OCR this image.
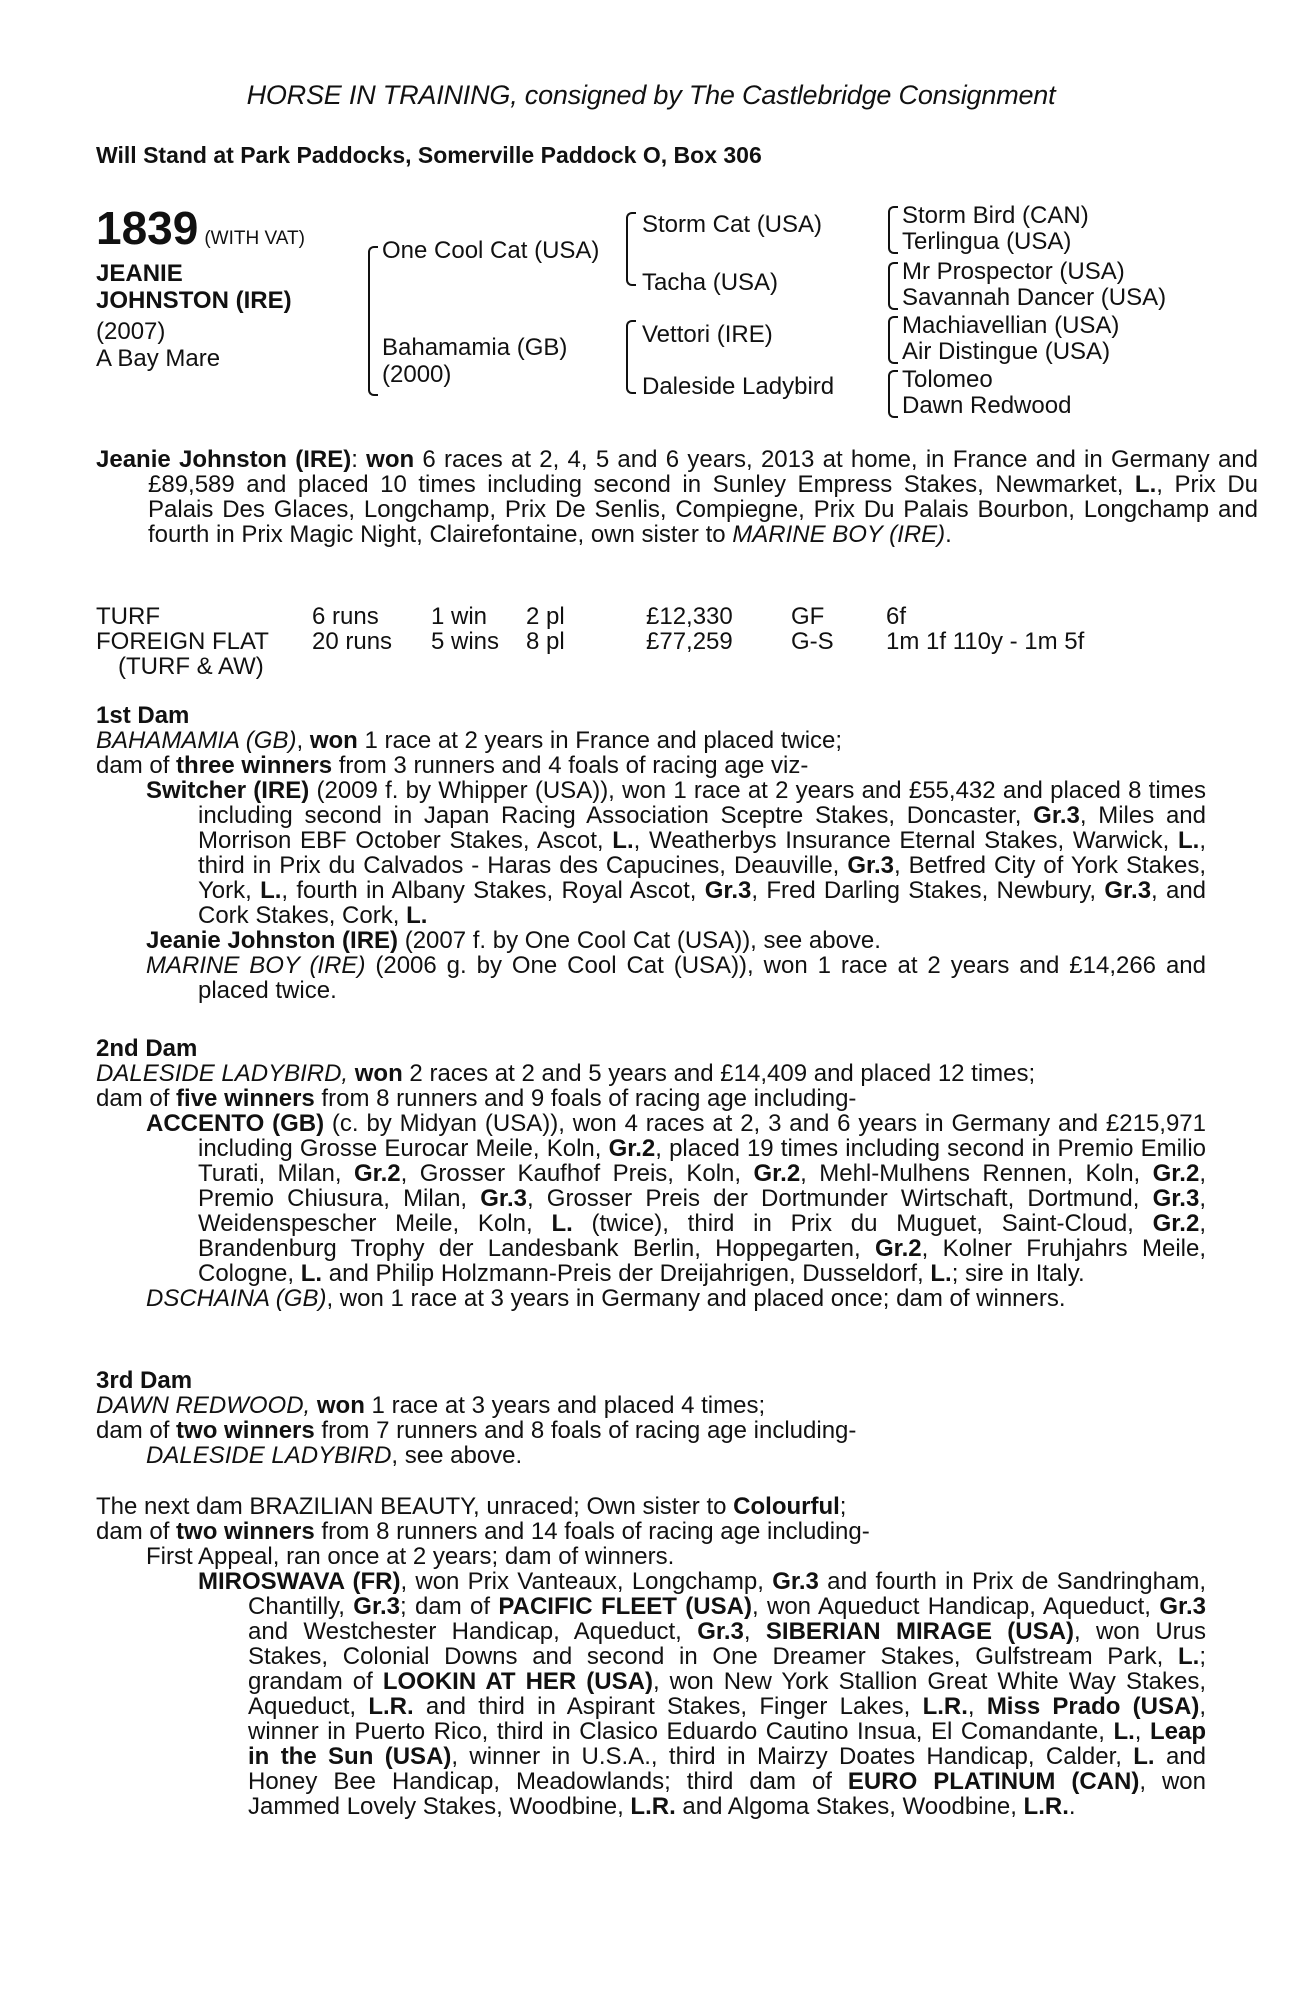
HORSE IN TRAINING, consigned by The Castlebridge Consignment
Will Stand at Park Paddocks, Somerville Paddock O, Box 306
1839 (WITH VAT)
JEANIE
JOHNSTON (IRE)
(2007)
A Bay Mare
One Cool Cat (USA)
Bahamamia (GB)
(2000)
Storm Cat (USA)
Tacha (USA)
Vettori (IRE)
Daleside Ladybird
Storm Bird (CAN)
Terlingua (USA)
Mr Prospector (USA)
Savannah Dancer (USA)
Machiavellian (USA)
Air Distingue (USA)
Tolomeo
Dawn Redwood
Jeanie Johnston (IRE): won 6 races at 2, 4, 5 and 6 years, 2013 at home, in France and in Germany and £89,589 and placed 10 times including second in Sunley Empress Stakes, Newmarket, L., Prix Du Palais Des Glaces, Longchamp, Prix De Senlis, Compiegne, Prix Du Palais Bourbon, Longchamp and fourth in Prix Magic Night, Clairefontaine, own sister to MARINE BOY (IRE).
TURF	6 runs	1 win	2 pl	£12,330	GF	6f
FOREIGN FLAT	20 runs	5 wins	8 pl	£77,259	G-S	1m 1f 110y - 1m 5f
(TURF & AW)						
1st Dam
BAHAMAMIA (GB), won 1 race at 2 years in France and placed twice;
dam of three winners from 3 runners and 4 foals of racing age viz-
Switcher (IRE) (2009 f. by Whipper (USA)), won 1 race at 2 years and £55,432 and placed 8 times including second in Japan Racing Association Sceptre Stakes, Doncaster, Gr.3, Miles and Morrison EBF October Stakes, Ascot, L., Weatherbys Insurance Eternal Stakes, Warwick, L., third in Prix du Calvados - Haras des Capucines, Deauville, Gr.3, Betfred City of York Stakes, York, L., fourth in Albany Stakes, Royal Ascot, Gr.3, Fred Darling Stakes, Newbury, Gr.3, and Cork Stakes, Cork, L.
Jeanie Johnston (IRE) (2007 f. by One Cool Cat (USA)), see above.
MARINE BOY (IRE) (2006 g. by One Cool Cat (USA)), won 1 race at 2 years and £14,266 and placed twice.
2nd Dam
DALESIDE LADYBIRD, won 2 races at 2 and 5 years and £14,409 and placed 12 times;
dam of five winners from 8 runners and 9 foals of racing age including-
ACCENTO (GB) (c. by Midyan (USA)), won 4 races at 2, 3 and 6 years in Germany and £215,971 including Grosse Eurocar Meile, Koln, Gr.2, placed 19 times including second in Premio Emilio Turati, Milan, Gr.2, Grosser Kaufhof Preis, Koln, Gr.2, Mehl-Mulhens Rennen, Koln, Gr.2, Premio Chiusura, Milan, Gr.3, Grosser Preis der Dortmunder Wirtschaft, Dortmund, Gr.3, Weidenspescher Meile, Koln, L. (twice), third in Prix du Muguet, Saint-Cloud, Gr.2, Brandenburg Trophy der Landesbank Berlin, Hoppegarten, Gr.2, Kolner Fruhjahrs Meile, Cologne, L. and Philip Holzmann-Preis der Dreijahrigen, Dusseldorf, L.; sire in Italy.
DSCHAINA (GB), won 1 race at 3 years in Germany and placed once; dam of winners.
3rd Dam
DAWN REDWOOD, won 1 race at 3 years and placed 4 times;
dam of two winners from 7 runners and 8 foals of racing age including-
DALESIDE LADYBIRD, see above.
The next dam BRAZILIAN BEAUTY, unraced; Own sister to Colourful;
dam of two winners from 8 runners and 14 foals of racing age including-
First Appeal, ran once at 2 years; dam of winners.
MIROSWAVA (FR), won Prix Vanteaux, Longchamp, Gr.3 and fourth in Prix de Sandringham, Chantilly, Gr.3; dam of PACIFIC FLEET (USA), won Aqueduct Handicap, Aqueduct, Gr.3 and Westchester Handicap, Aqueduct, Gr.3, SIBERIAN MIRAGE (USA), won Urus Stakes, Colonial Downs and second in One Dreamer Stakes, Gulfstream Park, L.; grandam of LOOKIN AT HER (USA), won New York Stallion Great White Way Stakes, Aqueduct, L.R. and third in Aspirant Stakes, Finger Lakes, L.R., Miss Prado (USA), winner in Puerto Rico, third in Clasico Eduardo Cautino Insua, El Comandante, L., Leap in the Sun (USA), winner in U.S.A., third in Mairzy Doates Handicap, Calder, L. and Honey Bee Handicap, Meadowlands; third dam of EURO PLATINUM (CAN), won Jammed Lovely Stakes, Woodbine, L.R. and Algoma Stakes, Woodbine, L.R..
